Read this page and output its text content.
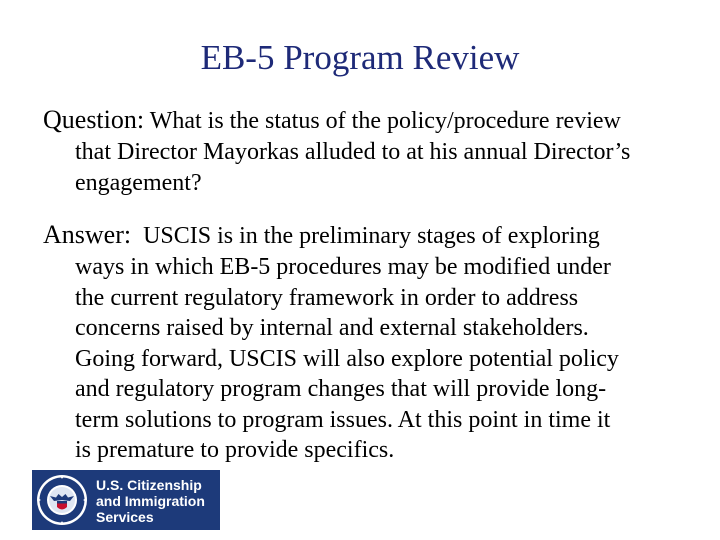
EB-5 Program Review
Question: What is the status of the policy/procedure review
that Director Mayorkas alluded to at his annual Director’s
engagement?
Answer: USCIS is in the preliminary stages of exploring
ways in which EB-5 procedures may be modified under
the current regulatory framework in order to address
concerns raised by internal and external stakeholders.
Going forward, USCIS will also explore potential policy
and regulatory program changes that will provide long-
term solutions to program issues. At this point in time it
is premature to provide specifics.
U.S. Citizenship
and Immigration
Services
